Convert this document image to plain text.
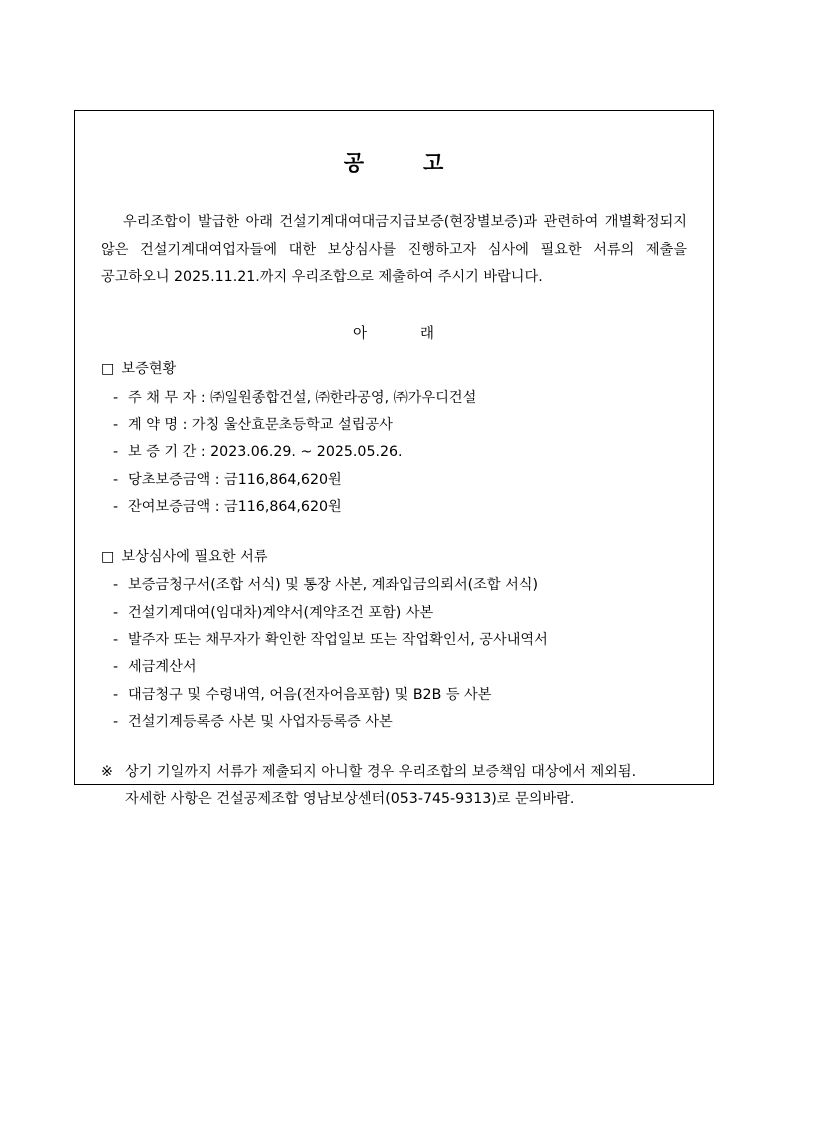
공	고

우리조합이 발급한 아래 건설기계대여대금지급보증(현장별보증)과 관련하여 개별확정되지 않은 건설기계대여업자들에 대한 보상심사를 진행하고자 심사에 필요한 서류의 제출을 공고하오니 2025.11.21.까지 우리조합으로 제출하여 주시기 바랍니다.

아	래
□ 보증현황
- 주 채 무 자 : ㈜일원종합건설, ㈜한라공영, ㈜가우디건설
- 계 약 명 : 가칭 울산효문초등학교 설립공사
- 보 증 기 간 : 2023.06.29. ~ 2025.05.26.
- 당초보증금액 : 금116,864,620원
- 잔여보증금액 : 금116,864,620원
□ 보상심사에 필요한 서류
- 보증금청구서(조합 서식) 및 통장 사본, 계좌입금의뢰서(조합 서식)
- 건설기계대여(임대차)계약서(계약조건 포함) 사본
- 발주자 또는 채무자가 확인한 작업일보 또는 작업확인서, 공사내역서
- 세금계산서
- 대금청구 및 수령내역, 어음(전자어음포함) 및 B2B 등 사본
- 건설기계등록증 사본 및 사업자등록증 사본
※ 상기 기일까지 서류가 제출되지 아니할 경우 우리조합의 보증책임 대상에서 제외됨.
자세한 사항은 건설공제조합 영남보상센터(053-745-9313)로 문의바람.
